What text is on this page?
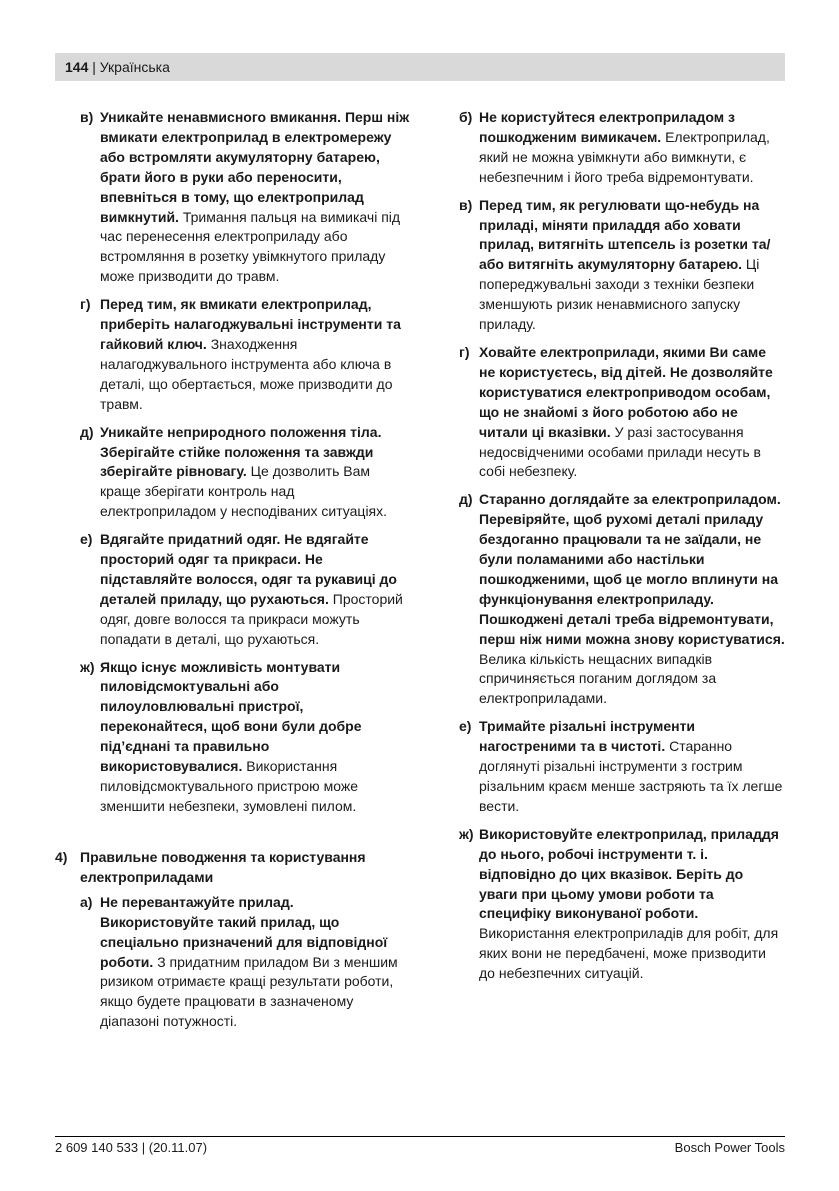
144 | Українська
в) Уникайте ненавмисного вмикання. Перш ніж вмикати електроприлад в електромережу або встромляти акумуляторну батарею, брати його в руки або переносити, впевніться в тому, що електроприлад вимкнутий. Тримання пальця на вимикачі під час перенесення електроприладу або встромляння в розетку увімкнутого приладу може призводити до травм.
г) Перед тим, як вмикати електроприлад, приберіть налагоджувальні інструменти та гайковий ключ. Знаходження налагоджувального інструмента або ключа в деталі, що обертається, може призводити до травм.
д) Уникайте неприродного положення тіла. Зберігайте стійке положення та завжди зберігайте рівновагу. Це дозволить Вам краще зберігати контроль над електроприладом у несподіваних ситуаціях.
е) Вдягайте придатний одяг. Не вдягайте просторий одяг та прикраси. Не підставляйте волосся, одяг та рукавиці до деталей приладу, що рухаються. Просторий одяг, довге волосся та прикраси можуть попадати в деталі, що рухаються.
ж) Якщо існує можливість монтувати пиловідсмоктувальні або пилоуловлювальні пристрої, переконайтеся, щоб вони були добре під’єднані та правильно використовувалися. Використання пиловідсмоктувального пристрою може зменшити небезпеки, зумовлені пилом.
4) Правильне поводження та користування електроприладами
а) Не перевантажуйте прилад. Використовуйте такий прилад, що спеціально призначений для відповідної роботи. З придатним приладом Ви з меншим ризиком отримаєте кращі результати роботи, якщо будете працювати в зазначеному діапазоні потужності.
б) Не користуйтеся електроприладом з пошкодженим вимикачем. Електроприлад, який не можна увімкнути або вимкнути, є небезпечним і його треба відремонтувати.
в) Перед тим, як регулювати що-небудь на приладі, міняти приладдя або ховати прилад, витягніть штепсель із розетки та/або витягніть акумуляторну батарею. Ці попереджувальні заходи з техніки безпеки зменшують ризик ненавмисного запуску приладу.
г) Ховайте електроприлади, якими Ви саме не користуєтесь, від дітей. Не дозволяйте користуватися електроприводом особам, що не знайомі з його роботою або не читали ці вказівки. У разі застосування недосвідченими особами прилади несуть в собі небезпеку.
д) Старанно доглядайте за електроприладом. Перевіряйте, щоб рухомі деталі приладу бездоганно працювали та не заїдали, не були поламаними або настільки пошкодженими, щоб це могло вплинути на функціонування електроприладу. Пошкоджені деталі треба відремонтувати, перш ніж ними можна знову користуватися. Велика кількість нещасних випадків спричиняється поганим доглядом за електроприладами.
е) Тримайте різальні інструменти нагостреними та в чистоті. Старанно доглянуті різальні інструменти з гострим різальним краєм менше застряють та їх легше вести.
ж) Використовуйте електроприлад, приладдя до нього, робочі інструменти т. і. відповідно до цих вказівок. Беріть до уваги при цьому умови роботи та специфіку виконуваної роботи. Використання електроприладів для робіт, для яких вони не передбачені, може призводити до небезпечних ситуацій.
2 609 140 533 | (20.11.07)	Bosch Power Tools
